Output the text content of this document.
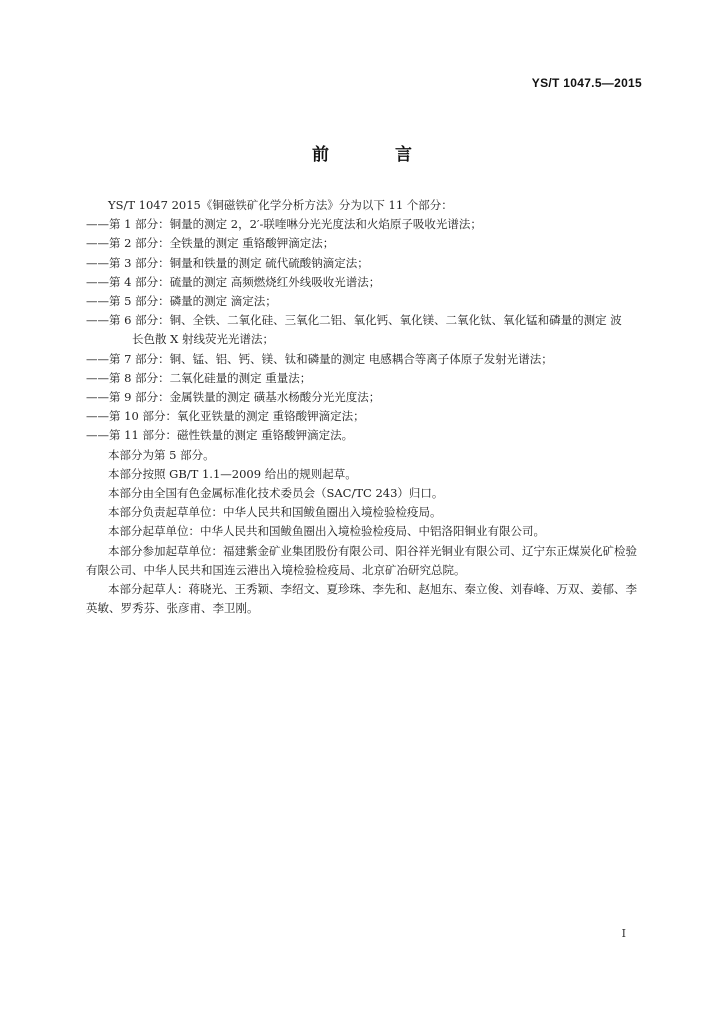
YS/T 1047.5—2015
前 言

YS/T 1047 2015《铜磁铁矿化学分析方法》分为以下 11 个部分：

——第 1 部分：铜量的测定 2，2′-联喹啉分光光度法和火焰原子吸收光谱法；

——第 2 部分：全铁量的测定 重铬酸钾滴定法；

——第 3 部分：铜量和铁量的测定 硫代硫酸钠滴定法；

——第 4 部分：硫量的测定 高频燃烧红外线吸收光谱法；

——第 5 部分：磷量的测定 滴定法；

——第 6 部分：铜、全铁、二氧化硅、三氧化二铝、氧化钙、氧化镁、二氧化钛、氧化锰和磷量的测定 波

长色散 X 射线荧光光谱法；

——第 7 部分：铜、锰、铝、钙、镁、钛和磷量的测定 电感耦合等离子体原子发射光谱法；

——第 8 部分：二氧化硅量的测定 重量法；

——第 9 部分：金属铁量的测定 磺基水杨酸分光光度法；

——第 10 部分：氧化亚铁量的测定 重铬酸钾滴定法；

——第 11 部分：磁性铁量的测定 重铬酸钾滴定法。

本部分为第 5 部分。

本部分按照 GB/T 1.1—2009 给出的规则起草。

本部分由全国有色金属标准化技术委员会（SAC/TC 243）归口。

本部分负责起草单位：中华人民共和国鲅鱼圈出入境检验检疫局。

本部分起草单位：中华人民共和国鲅鱼圈出入境检验检疫局、中铝洛阳铜业有限公司。

本部分参加起草单位：福建紫金矿业集团股份有限公司、阳谷祥光铜业有限公司、辽宁东正煤炭化矿检验有限公司、中华人民共和国连云港出入境检验检疫局、北京矿冶研究总院。

本部分起草人：蒋晓光、王秀颖、李绍文、夏珍珠、李先和、赵旭东、秦立俊、刘春峰、万双、姜郁、李英敏、罗秀芬、张彦甫、李卫刚。

I
